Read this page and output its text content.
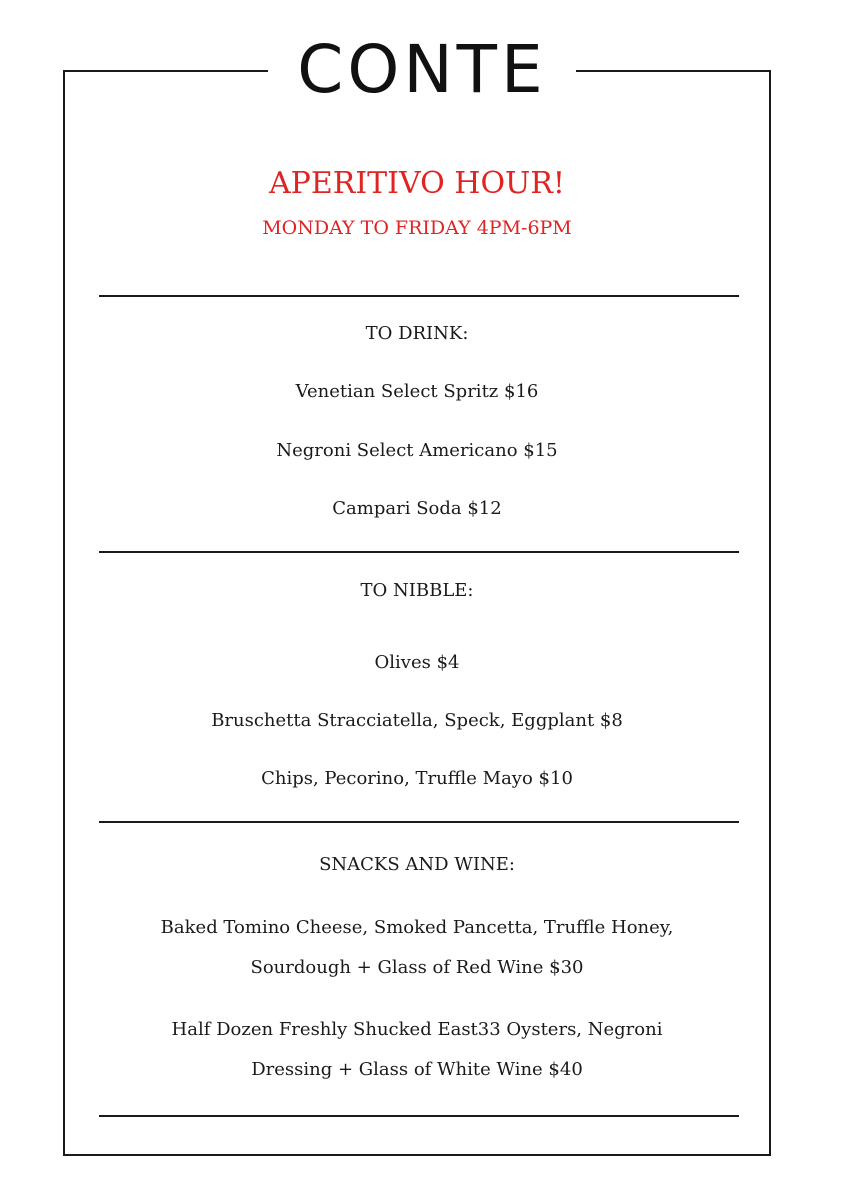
CONTE
APERITIVO HOUR!
MONDAY TO FRIDAY 4PM-6PM
TO DRINK:
Venetian Select Spritz $16
Negroni Select Americano $15
Campari Soda $12
TO NIBBLE:
Olives $4
Bruschetta Stracciatella, Speck, Eggplant $8
Chips, Pecorino, Truffle Mayo $10
SNACKS AND WINE:
Baked Tomino Cheese, Smoked Pancetta, Truffle Honey,
Sourdough + Glass of Red Wine $30
Half Dozen Freshly Shucked East33 Oysters, Negroni
Dressing + Glass of White Wine $40
